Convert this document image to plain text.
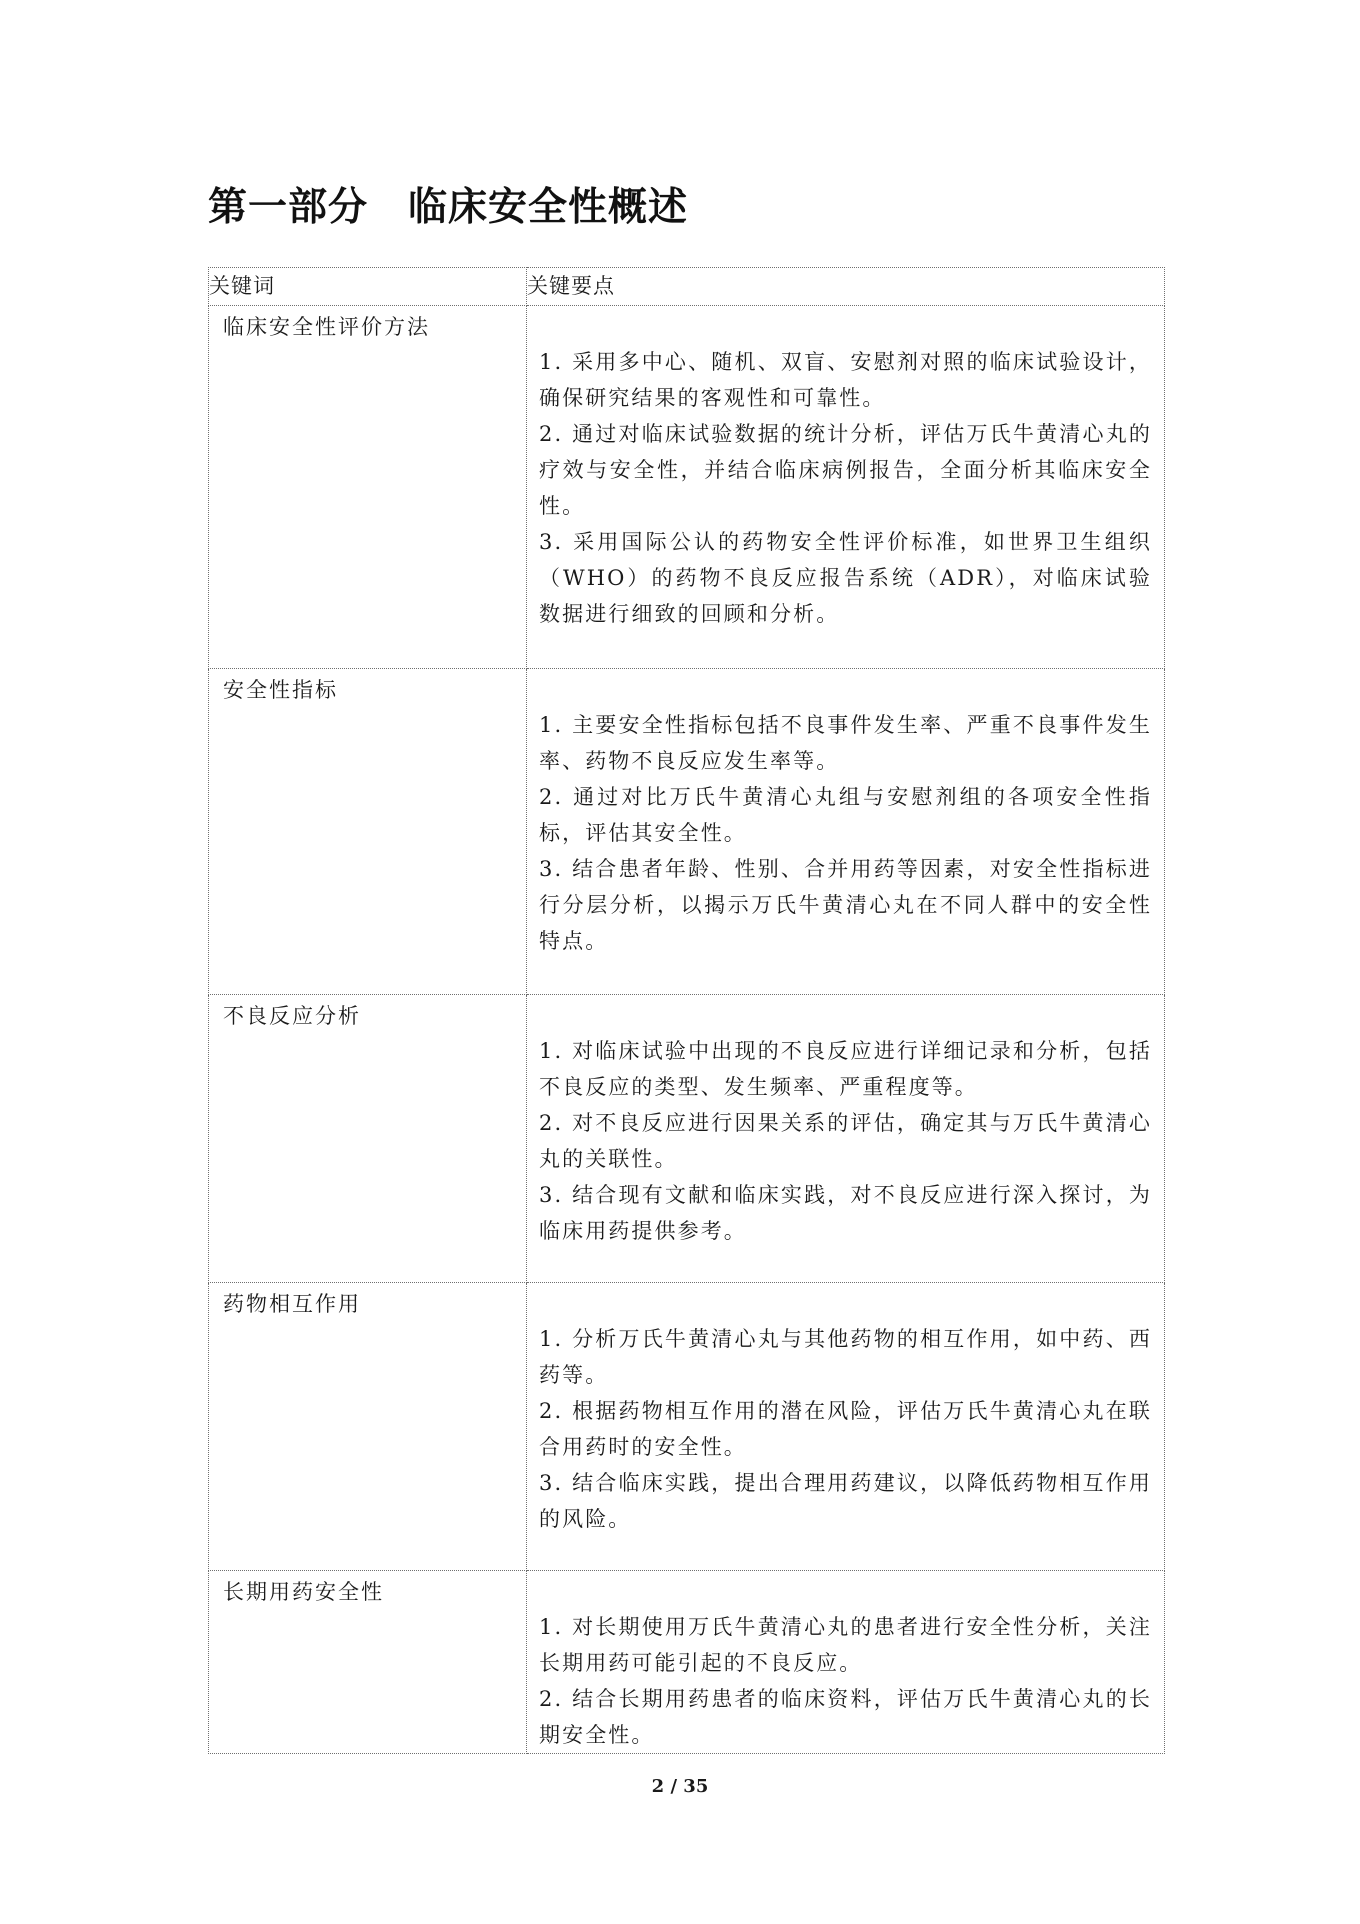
第一部分　临床安全性概述
关键词	关键要点
临床安全性评价方法	1. 采用多中心、随机、双盲、安慰剂对照的临床试验设计，确保研究结果的客观性和可靠性。

2. 通过对临床试验数据的统计分析，评估万氏牛黄清心丸的疗效与安全性，并结合临床病例报告，全面分析其临床安全性。

3. 采用国际公认的药物安全性评价标准，如世界卫生组织（WHO）的药物不良反应报告系统（ADR），对临床试验数据进行细致的回顾和分析。

安全性指标	1. 主要安全性指标包括不良事件发生率、严重不良事件发生率、药物不良反应发生率等。

2. 通过对比万氏牛黄清心丸组与安慰剂组的各项安全性指标，评估其安全性。

3. 结合患者年龄、性别、合并用药等因素，对安全性指标进行分层分析，以揭示万氏牛黄清心丸在不同人群中的安全性特点。

不良反应分析	1. 对临床试验中出现的不良反应进行详细记录和分析，包括不良反应的类型、发生频率、严重程度等。

2. 对不良反应进行因果关系的评估，确定其与万氏牛黄清心丸的关联性。

3. 结合现有文献和临床实践，对不良反应进行深入探讨，为临床用药提供参考。

药物相互作用	1. 分析万氏牛黄清心丸与其他药物的相互作用，如中药、西药等。

2. 根据药物相互作用的潜在风险，评估万氏牛黄清心丸在联合用药时的安全性。

3. 结合临床实践，提出合理用药建议，以降低药物相互作用的风险。

长期用药安全性	1. 对长期使用万氏牛黄清心丸的患者进行安全性分析，关注长期用药可能引起的不良反应。

2. 结合长期用药患者的临床资料，评估万氏牛黄清心丸的长期安全性。

2 / 35
